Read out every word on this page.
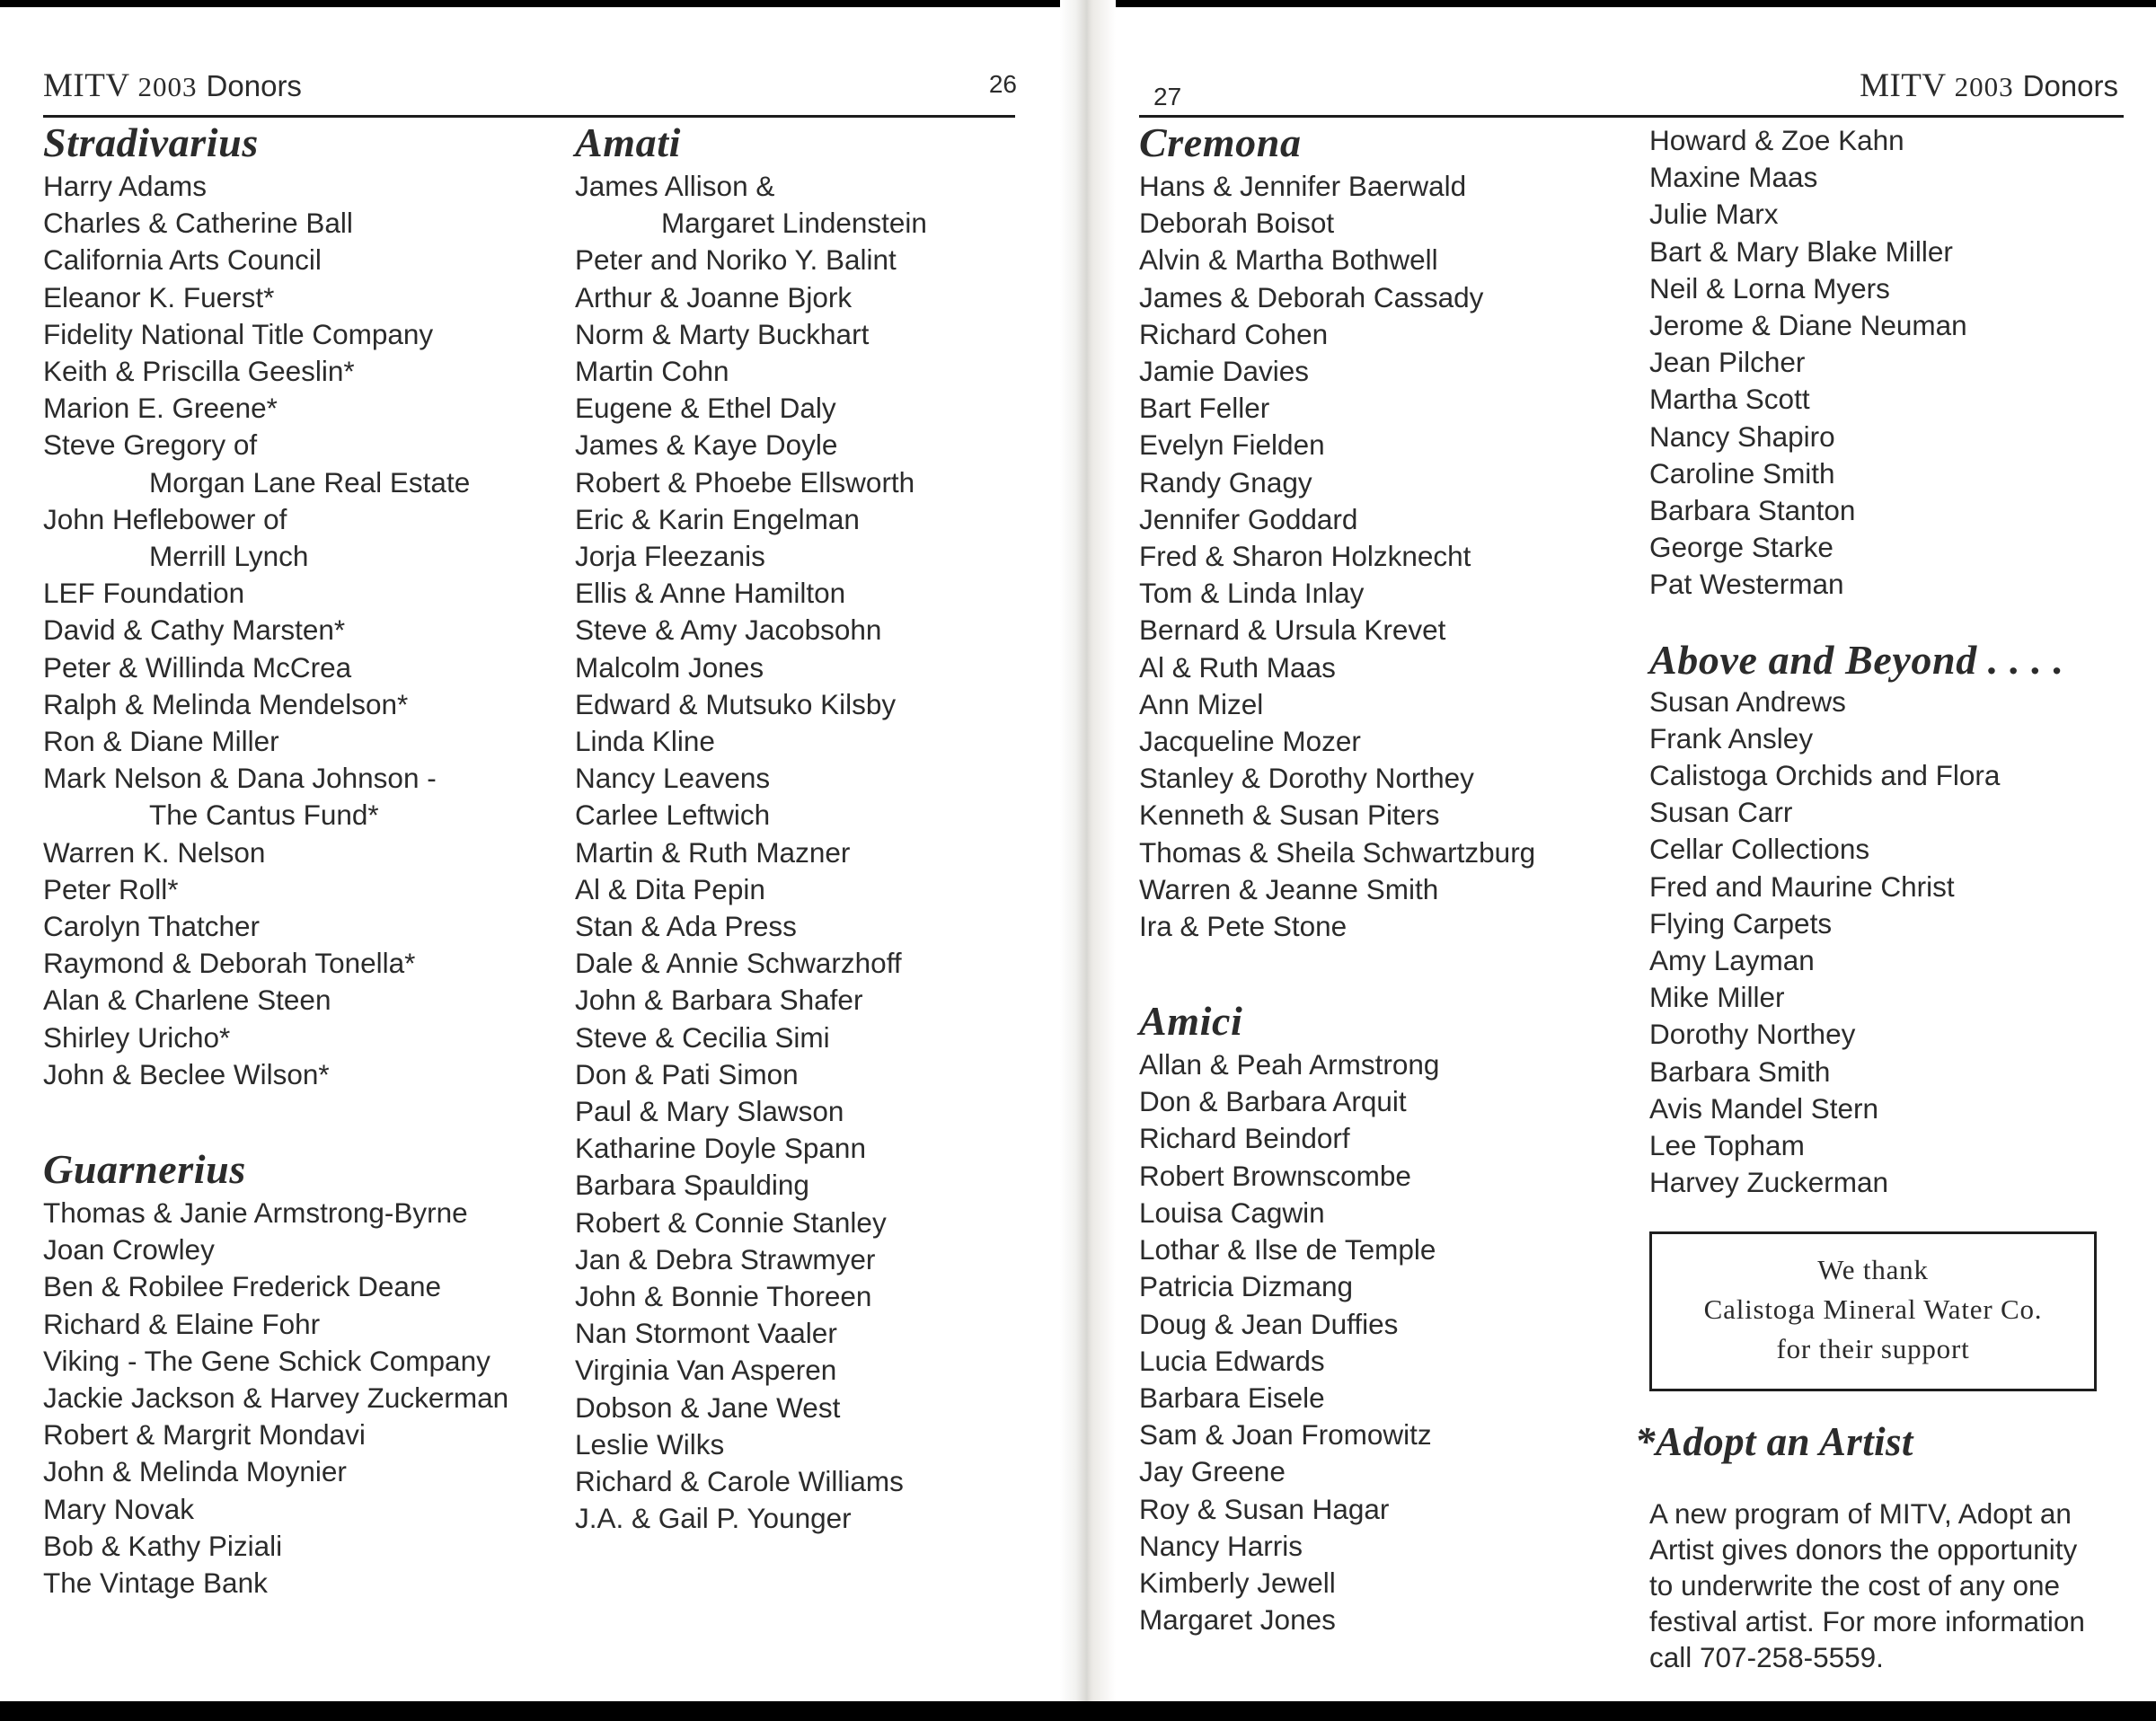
MITV 2003 Donors	26
Stradivarius
Harry Adams
Charles & Catherine Ball
California Arts Council
Eleanor K. Fuerst*
Fidelity National Title Company
Keith & Priscilla Geeslin*
Marion E. Greene*
Steve Gregory of
Morgan Lane Real Estate
John Heflebower of
Merrill Lynch
LEF Foundation
David & Cathy Marsten*
Peter & Willinda McCrea
Ralph & Melinda Mendelson*
Ron & Diane Miller
Mark Nelson & Dana Johnson -
The Cantus Fund*
Warren K. Nelson
Peter Roll*
Carolyn Thatcher
Raymond & Deborah Tonella*
Alan & Charlene Steen
Shirley Uricho*
John & Beclee Wilson*
Guarnerius
Thomas & Janie Armstrong-Byrne
Joan Crowley
Ben & Robilee Frederick Deane
Richard & Elaine Fohr
Viking - The Gene Schick Company
Jackie Jackson & Harvey Zuckerman
Robert & Margrit Mondavi
John & Melinda Moynier
Mary Novak
Bob & Kathy Piziali
The Vintage Bank
Amati
James Allison &
Margaret Lindenstein
Peter and Noriko Y. Balint
Arthur & Joanne Bjork
Norm & Marty Buckhart
Martin Cohn
Eugene & Ethel Daly
James & Kaye Doyle
Robert & Phoebe Ellsworth
Eric & Karin Engelman
Jorja Fleezanis
Ellis & Anne Hamilton
Steve & Amy Jacobsohn
Malcolm Jones
Edward & Mutsuko Kilsby
Linda Kline
Nancy Leavens
Carlee Leftwich
Martin & Ruth Mazner
Al & Dita Pepin
Stan & Ada Press
Dale & Annie Schwarzhoff
John & Barbara Shafer
Steve & Cecilia Simi
Don & Pati Simon
Paul & Mary Slawson
Katharine Doyle Spann
Barbara Spaulding
Robert & Connie Stanley
Jan & Debra Strawmyer
John & Bonnie Thoreen
Nan Stormont Vaaler
Virginia Van Asperen
Dobson & Jane West
Leslie Wilks
Richard & Carole Williams
J.A. & Gail P. Younger
27	MITV 2003 Donors
Cremona
Hans & Jennifer Baerwald
Deborah Boisot
Alvin & Martha Bothwell
James & Deborah Cassady
Richard Cohen
Jamie Davies
Bart Feller
Evelyn Fielden
Randy Gnagy
Jennifer Goddard
Fred & Sharon Holzknecht
Tom & Linda Inlay
Bernard & Ursula Krevet
Al & Ruth Maas
Ann Mizel
Jacqueline Mozer
Stanley & Dorothy Northey
Kenneth & Susan Piters
Thomas & Sheila Schwartzburg
Warren & Jeanne Smith
Ira & Pete Stone
Amici
Allan & Peah Armstrong
Don & Barbara Arquit
Richard Beindorf
Robert Brownscombe
Louisa Cagwin
Lothar & Ilse de Temple
Patricia Dizmang
Doug & Jean Duffies
Lucia Edwards
Barbara Eisele
Sam & Joan Fromowitz
Jay Greene
Roy & Susan Hagar
Nancy Harris
Kimberly Jewell
Margaret Jones
Howard & Zoe Kahn
Maxine Maas
Julie Marx
Bart & Mary Blake Miller
Neil & Lorna Myers
Jerome & Diane Neuman
Jean Pilcher
Martha Scott
Nancy Shapiro
Caroline Smith
Barbara Stanton
George Starke
Pat Westerman
Above and Beyond . . . .
Susan Andrews
Frank Ansley
Calistoga Orchids and Flora
Susan Carr
Cellar Collections
Fred and Maurine Christ
Flying Carpets
Amy Layman
Mike Miller
Dorothy Northey
Barbara Smith
Avis Mandel Stern
Lee Topham
Harvey Zuckerman
We thank
Calistoga Mineral Water Co.
for their support
*Adopt an Artist

A new program of MITV, Adopt an Artist gives donors the opportunity to underwrite the cost of any one festival artist. For more information call 707-258-5559.
